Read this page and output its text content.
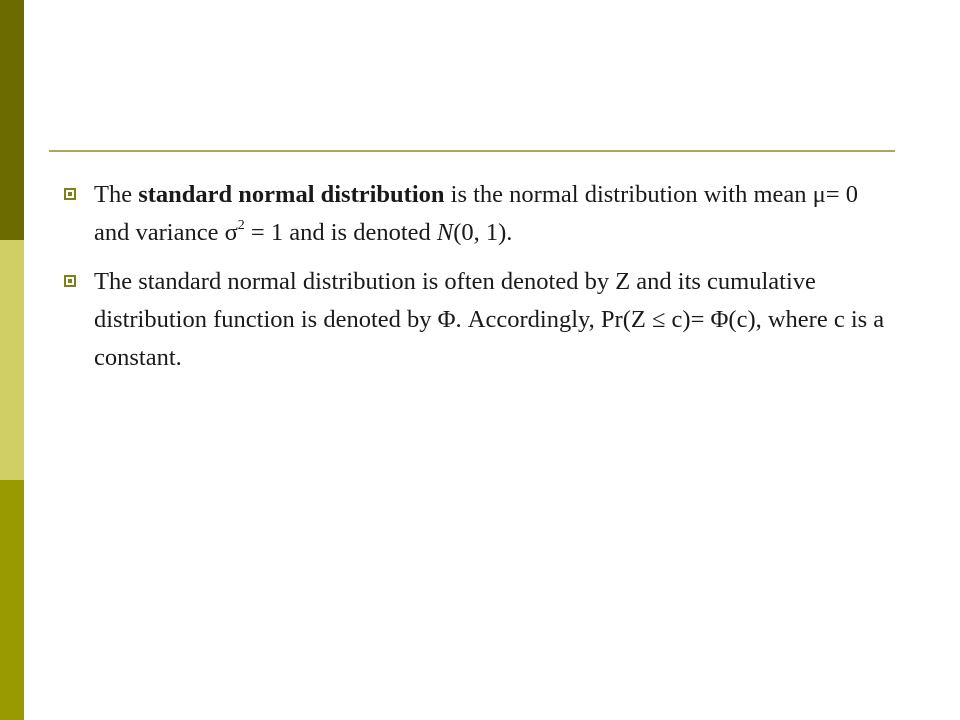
The standard normal distribution is the normal distribution with mean μ= 0 and variance $\sigma^2 = 1$ and is denoted N(0, 1).
The standard normal distribution is often denoted by Z and its cumulative distribution function is denoted by Φ. Accordingly, Pr(Z ≤ c)= Φ(c), where c is a constant.
